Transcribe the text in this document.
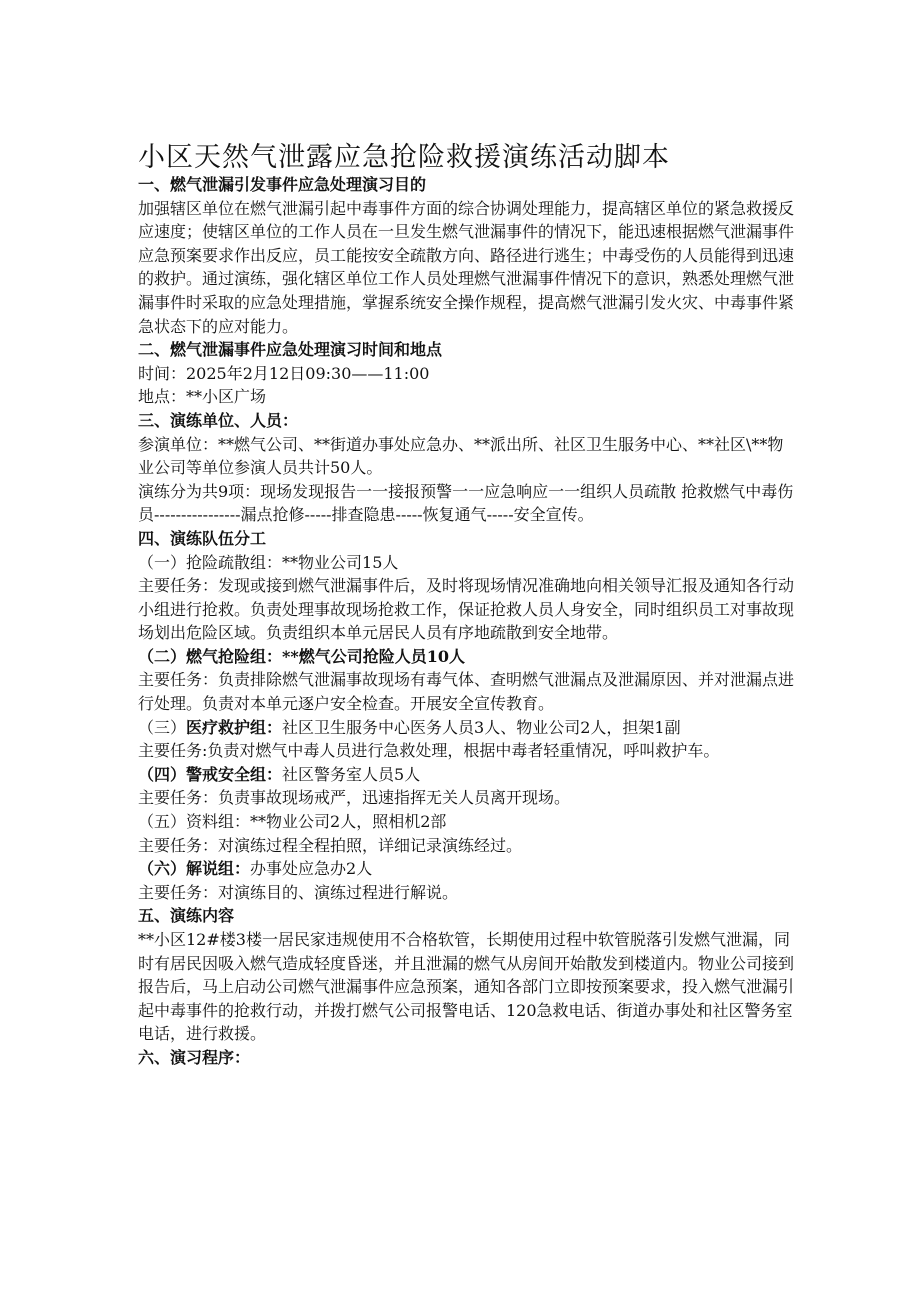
小区天然气泄露应急抢险救援演练活动脚本

一、燃气泄漏引发事件应急处理演习目的

加强辖区单位在燃气泄漏引起中毒事件方面的综合协调处理能力，提高辖区单位的紧急救援反应速度；使辖区单位的工作人员在一旦发生燃气泄漏事件的情况下，能迅速根据燃气泄漏事件应急预案要求作出反应，员工能按安全疏散方向、路径进行逃生；中毒受伤的人员能得到迅速的救护。通过演练，强化辖区单位工作人员处理燃气泄漏事件情况下的意识，熟悉处理燃气泄漏事件时采取的应急处理措施，掌握系统安全操作规程，提高燃气泄漏引发火灾、中毒事件紧急状态下的应对能力。

二、燃气泄漏事件应急处理演习时间和地点

时间：2025年2月12日09:30——11:00

地点：**小区广场

三、演练单位、人员：

参演单位：**燃气公司、**街道办事处应急办、**派出所、社区卫生服务中心、**社区\**物业公司等单位参演人员共计50人。

演练分为共9项：现场发现报告一一接报预警一一应急响应一一组织人员疏散 抢救燃气中毒伤员----------------漏点抢修-----排查隐患-----恢复通气-----安全宣传。

四、演练队伍分工

（一）抢险疏散组：**物业公司15人

主要任务：发现或接到燃气泄漏事件后，及时将现场情况准确地向相关领导汇报及通知各行动小组进行抢救。负责处理事故现场抢救工作，保证抢救人员人身安全，同时组织员工对事故现场划出危险区域。负责组织本单元居民人员有序地疏散到安全地带。

（二）燃气抢险组：**燃气公司抢险人员10人

主要任务：负责排除燃气泄漏事故现场有毒气体、查明燃气泄漏点及泄漏原因、并对泄漏点进行处理。负责对本单元逐户安全检查。开展安全宣传教育。

（三）医疗救护组：社区卫生服务中心医务人员3人、物业公司2人，担架1副

主要任务:负责对燃气中毒人员进行急救处理，根据中毒者轻重情况，呼叫救护车。

（四）警戒安全组：社区警务室人员5人

主要任务：负责事故现场戒严，迅速指挥无关人员离开现场。

（五）资料组：**物业公司2人，照相机2部

主要任务：对演练过程全程拍照，详细记录演练经过。

（六）解说组：办事处应急办2人

主要任务：对演练目的、演练过程进行解说。

五、演练内容

**小区12#楼3楼一居民家违规使用不合格软管，长期使用过程中软管脱落引发燃气泄漏，同时有居民因吸入燃气造成轻度昏迷，并且泄漏的燃气从房间开始散发到楼道内。物业公司接到报告后，马上启动公司燃气泄漏事件应急预案，通知各部门立即按预案要求，投入燃气泄漏引起中毒事件的抢救行动，并拨打燃气公司报警电话、120急救电话、街道办事处和社区警务室电话，进行救援。

六、演习程序：
